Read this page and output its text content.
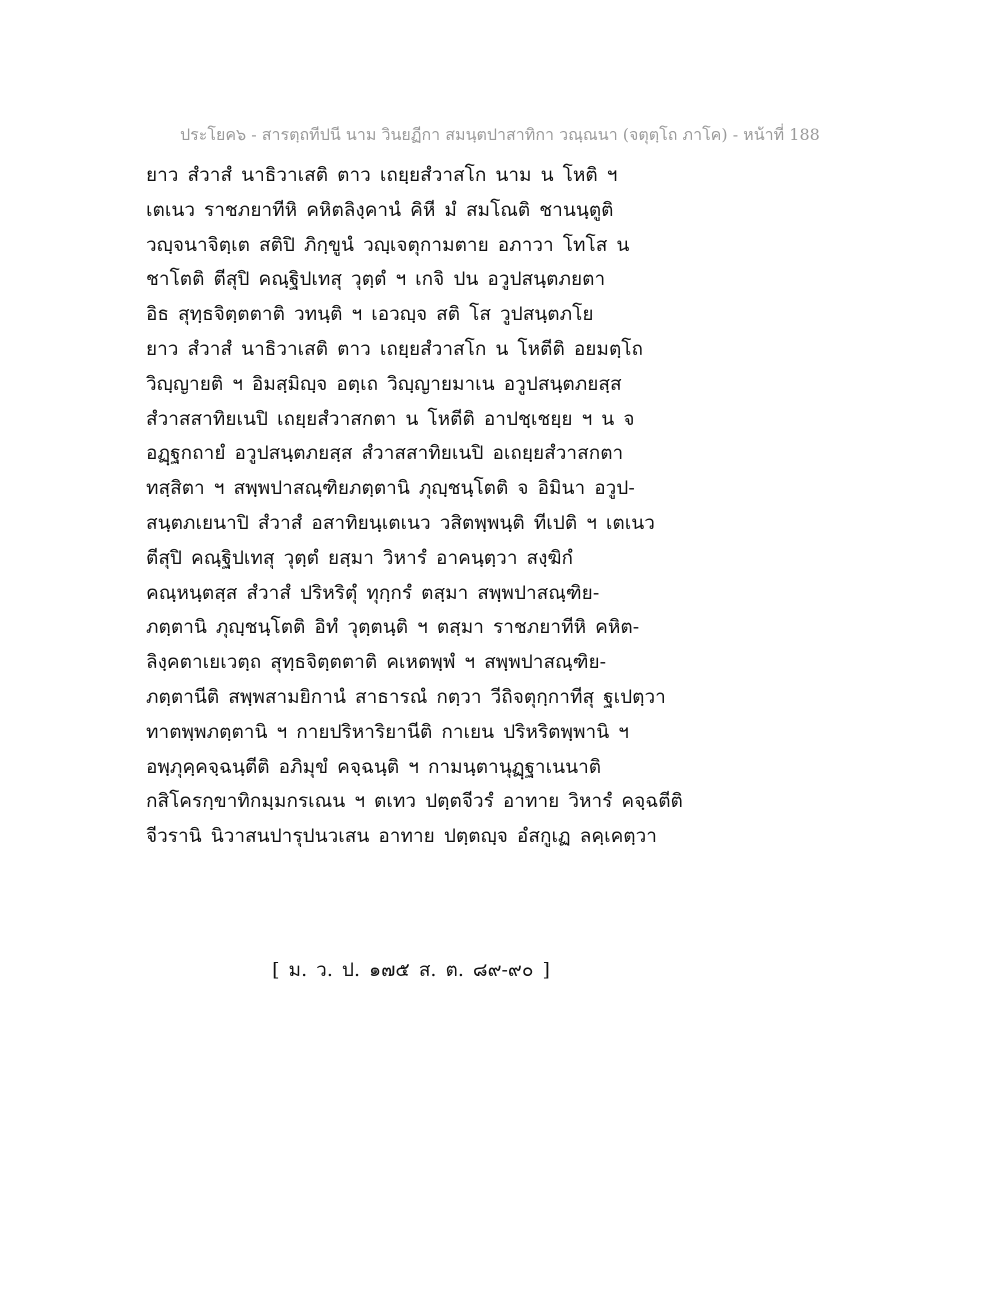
ประโยค๖ - สารตฺถทีปนี นาม วินยฏีกา สมนฺตปาสาทิกา วณฺณนา (จตุตฺโถ ภาโค) - หน้าที่ 188
ยาว สํวาสํ นาธิวาเสติ ตาว เถยฺยสํวาสโก นาม น โหติ ฯ
เตเนว ราชภยาทีหิ คหิตลิงฺคานํ คิหี มํ สมโณติ ชานนฺตูติ
วญฺจนาจิตฺเต สติปิ ภิกฺขูนํ วญฺเจตุกามตาย อภาวา โทโส น
ชาโตติ ตีสุปิ คณฺฐิปเทสุ วุตฺตํ ฯ เกจิ ปน อวูปสนฺตภยตา
อิธ สุทฺธจิตฺตตาติ วทนฺติ ฯ เอวญฺจ สติ โส วูปสนฺตภโย
ยาว สํวาสํ นาธิวาเสติ ตาว เถยฺยสํวาสโก น โหตีติ อยมตฺโถ
วิญฺญายติ ฯ อิมสฺมิญฺจ อตฺเถ วิญฺญายมาเน อวูปสนฺตภยสฺส
สํวาสสาทิยเนปิ เถยฺยสํวาสกตา น โหตีติ อาปชฺเชยฺย ฯ น จ
อฏฺฐกถายํ อวูปสนฺตภยสฺส สํวาสสาทิยเนปิ อเถยฺยสํวาสกตา
ทสฺสิตา ฯ สพฺพปาสณฺฑิยภตฺตานิ ภุญฺชนฺโตติ จ อิมินา อวูป-
สนฺตภเยนาปิ สํวาสํ อสาทิยนฺเตเนว วสิตพฺพนฺติ ทีเปติ ฯ เตเนว
ตีสุปิ คณฺฐิปเทสุ วุตฺตํ ยสฺมา วิหารํ อาคนฺตฺวา สงฺฆิกํ
คณฺหนฺตสฺส สํวาสํ ปริหริตุํ ทุกฺกรํ ตสฺมา สพฺพปาสณฺฑิย-
ภตฺตานิ ภุญฺชนฺโตติ อิทํ วุตฺตนฺติ ฯ ตสฺมา ราชภยาทีหิ คหิต-
ลิงฺคตาเยเวตฺถ สุทฺธจิตฺตตาติ คเหตพฺพํ ฯ สพฺพปาสณฺฑิย-
ภตฺตานีติ สพฺพสามยิกานํ สาธารณํ กตฺวา วีถิจตุกฺกาทีสุ ฐเปตฺวา
ทาตพฺพภตฺตานิ ฯ กายปริหาริยานีติ กาเยน ปริหริตพฺพานิ ฯ
อพฺภุคฺคจฺฉนฺตีติ อภิมุขํ คจฺฉนฺติ ฯ กามนฺตานุฏฺฐาเนนาติ
กสิโครกฺขาทิกมฺมกรเณน ฯ ตเทว ปตฺตจีวรํ อาทาย วิหารํ คจฺฉตีติ
จีวรานิ นิวาสนปารุปนวเสน อาทาย ปตฺตญฺจ อํสกูเฏ ลคฺเคตฺวา
[ ม. ว. ป. ๑๗๕ ส. ต. ๘๙-๙๐ ]
